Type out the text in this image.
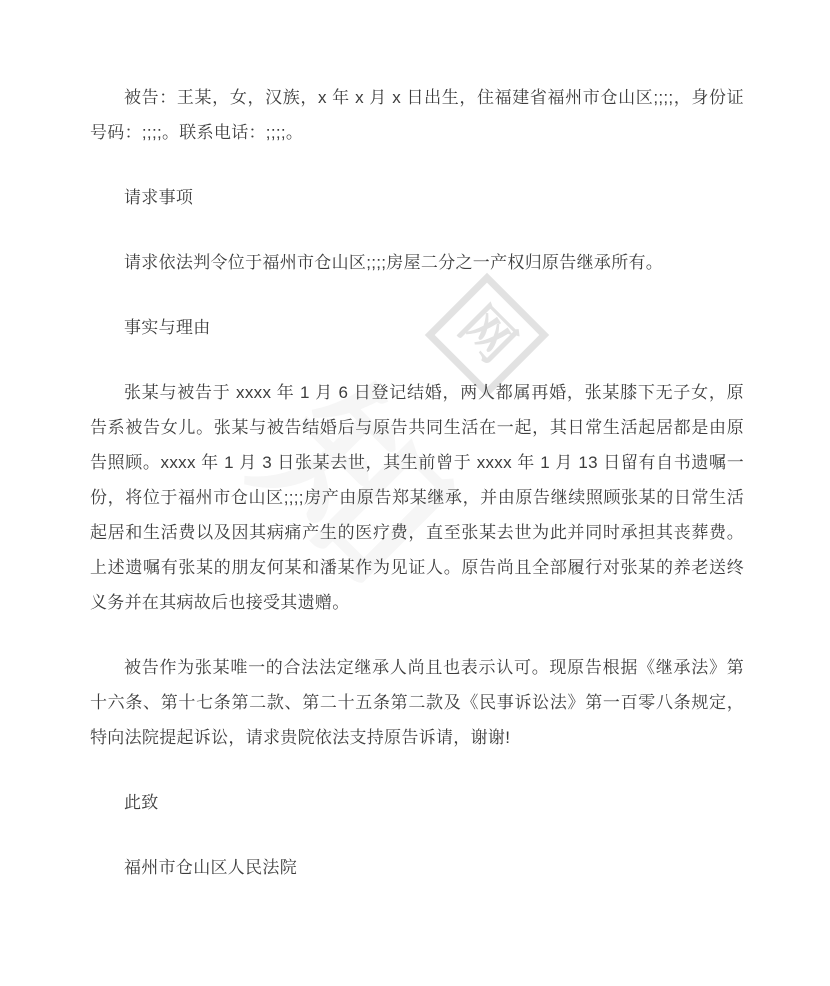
网

被告：王某，女，汉族，x 年 x 月 x 日出生，住福建省福州市仓山区;;;;，身份证号码：;;;;。联系电话：;;;;。

请求事项

请求依法判令位于福州市仓山区;;;;房屋二分之一产权归原告继承所有。

事实与理由

张某与被告于 xxxx 年 1 月 6 日登记结婚，两人都属再婚，张某膝下无子女，原告系被告女儿。张某与被告结婚后与原告共同生活在一起，其日常生活起居都是由原告照顾。xxxx 年 1 月 3 日张某去世，其生前曾于 xxxx 年 1 月 13 日留有自书遗嘱一份，将位于福州市仓山区;;;;房产由原告郑某继承，并由原告继续照顾张某的日常生活起居和生活费以及因其病痛产生的医疗费，直至张某去世为此并同时承担其丧葬费。上述遗嘱有张某的朋友何某和潘某作为见证人。原告尚且全部履行对张某的养老送终义务并在其病故后也接受其遗赠。

被告作为张某唯一的合法法定继承人尚且也表示认可。现原告根据《继承法》第十六条、第十七条第二款、第二十五条第二款及《民事诉讼法》第一百零八条规定，特向法院提起诉讼，请求贵院依法支持原告诉请，谢谢!

此致

福州市仓山区人民法院
